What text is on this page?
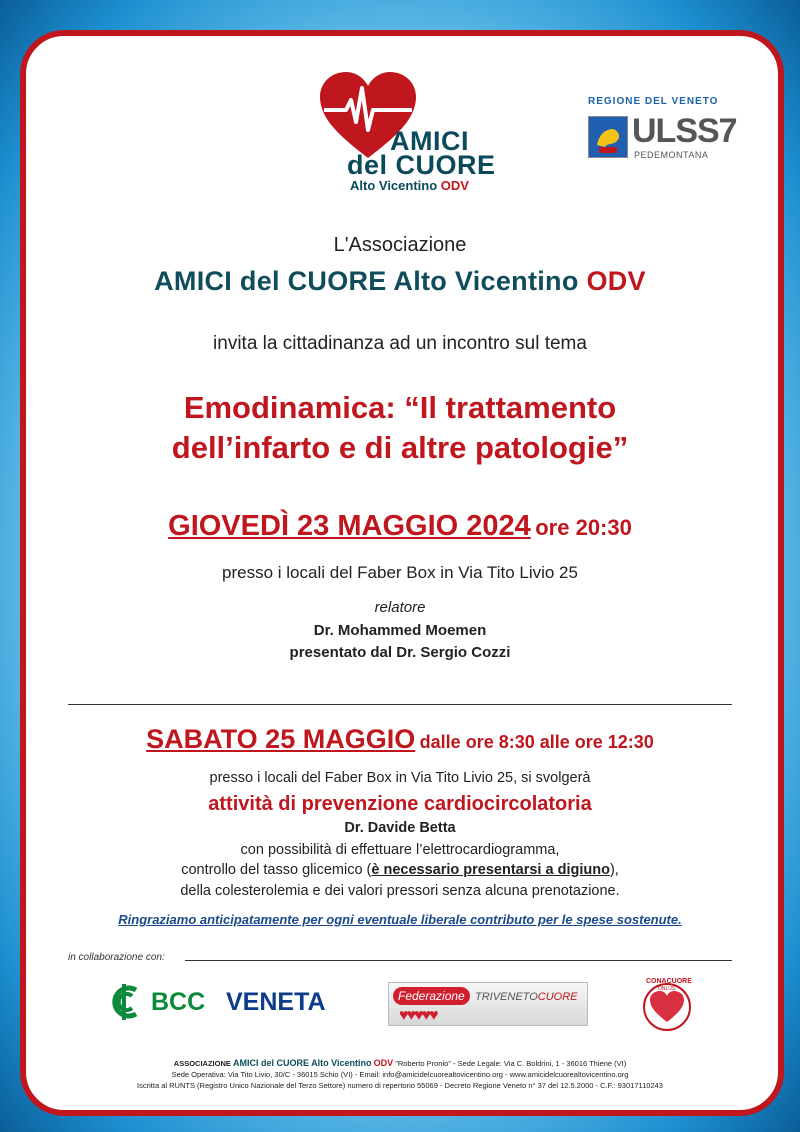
AMICI
del CUORE
Alto Vicentino ODV
REGIONE DEL VENETO
ULSS7
PEDEMONTANA
L'Associazione
AMICI del CUORE Alto Vicentino ODV
invita la cittadinanza ad un incontro sul tema
Emodinamica: “Il trattamento
dell’infarto e di altre patologie”
GIOVEDÌ 23 MAGGIO 2024 ore 20:30
presso i locali del Faber Box in Via Tito Livio 25
relatore
Dr. Mohammed Moemen
presentato dal Dr. Sergio Cozzi
SABATO 25 MAGGIO dalle ore 8:30 alle ore 12:30
presso i locali del Faber Box in Via Tito Livio 25, si svolgerà
attività di prevenzione cardiocircolatoria
Dr. Davide Betta
con possibilità di effettuare l’elettrocardiogramma,
controllo del tasso glicemico (è necessario presentarsi a digiuno),
della colesterolemia e dei valori pressori senza alcuna prenotazione.
Ringraziamo anticipatamente per ogni eventuale liberale contributo per le spese sostenute.
in collaborazione con:
BCC VENETA	Federazione TRIVENETOCUORE
♥♥♥♥♥
CONACUORE
ONLUS
ASSOCIAZIONE AMICI del CUORE Alto Vicentino ODV "Roberto Pronio" - Sede Legale: Via C. Boldrini, 1 - 36016 Thiene (VI)
Sede Operativa: Via Tito Livio, 30/C - 36015 Schio (VI) - Email: info@amicidelcuorealtovicentino.org - www.amicidelcuorealtovicentino.org
Iscritta al RUNTS (Registro Unico Nazionale del Terzo Settore) numero di repertorio 55069 - Decreto Regione Veneto n° 37 del 12.5.2000 - C.F.: 93017110243
